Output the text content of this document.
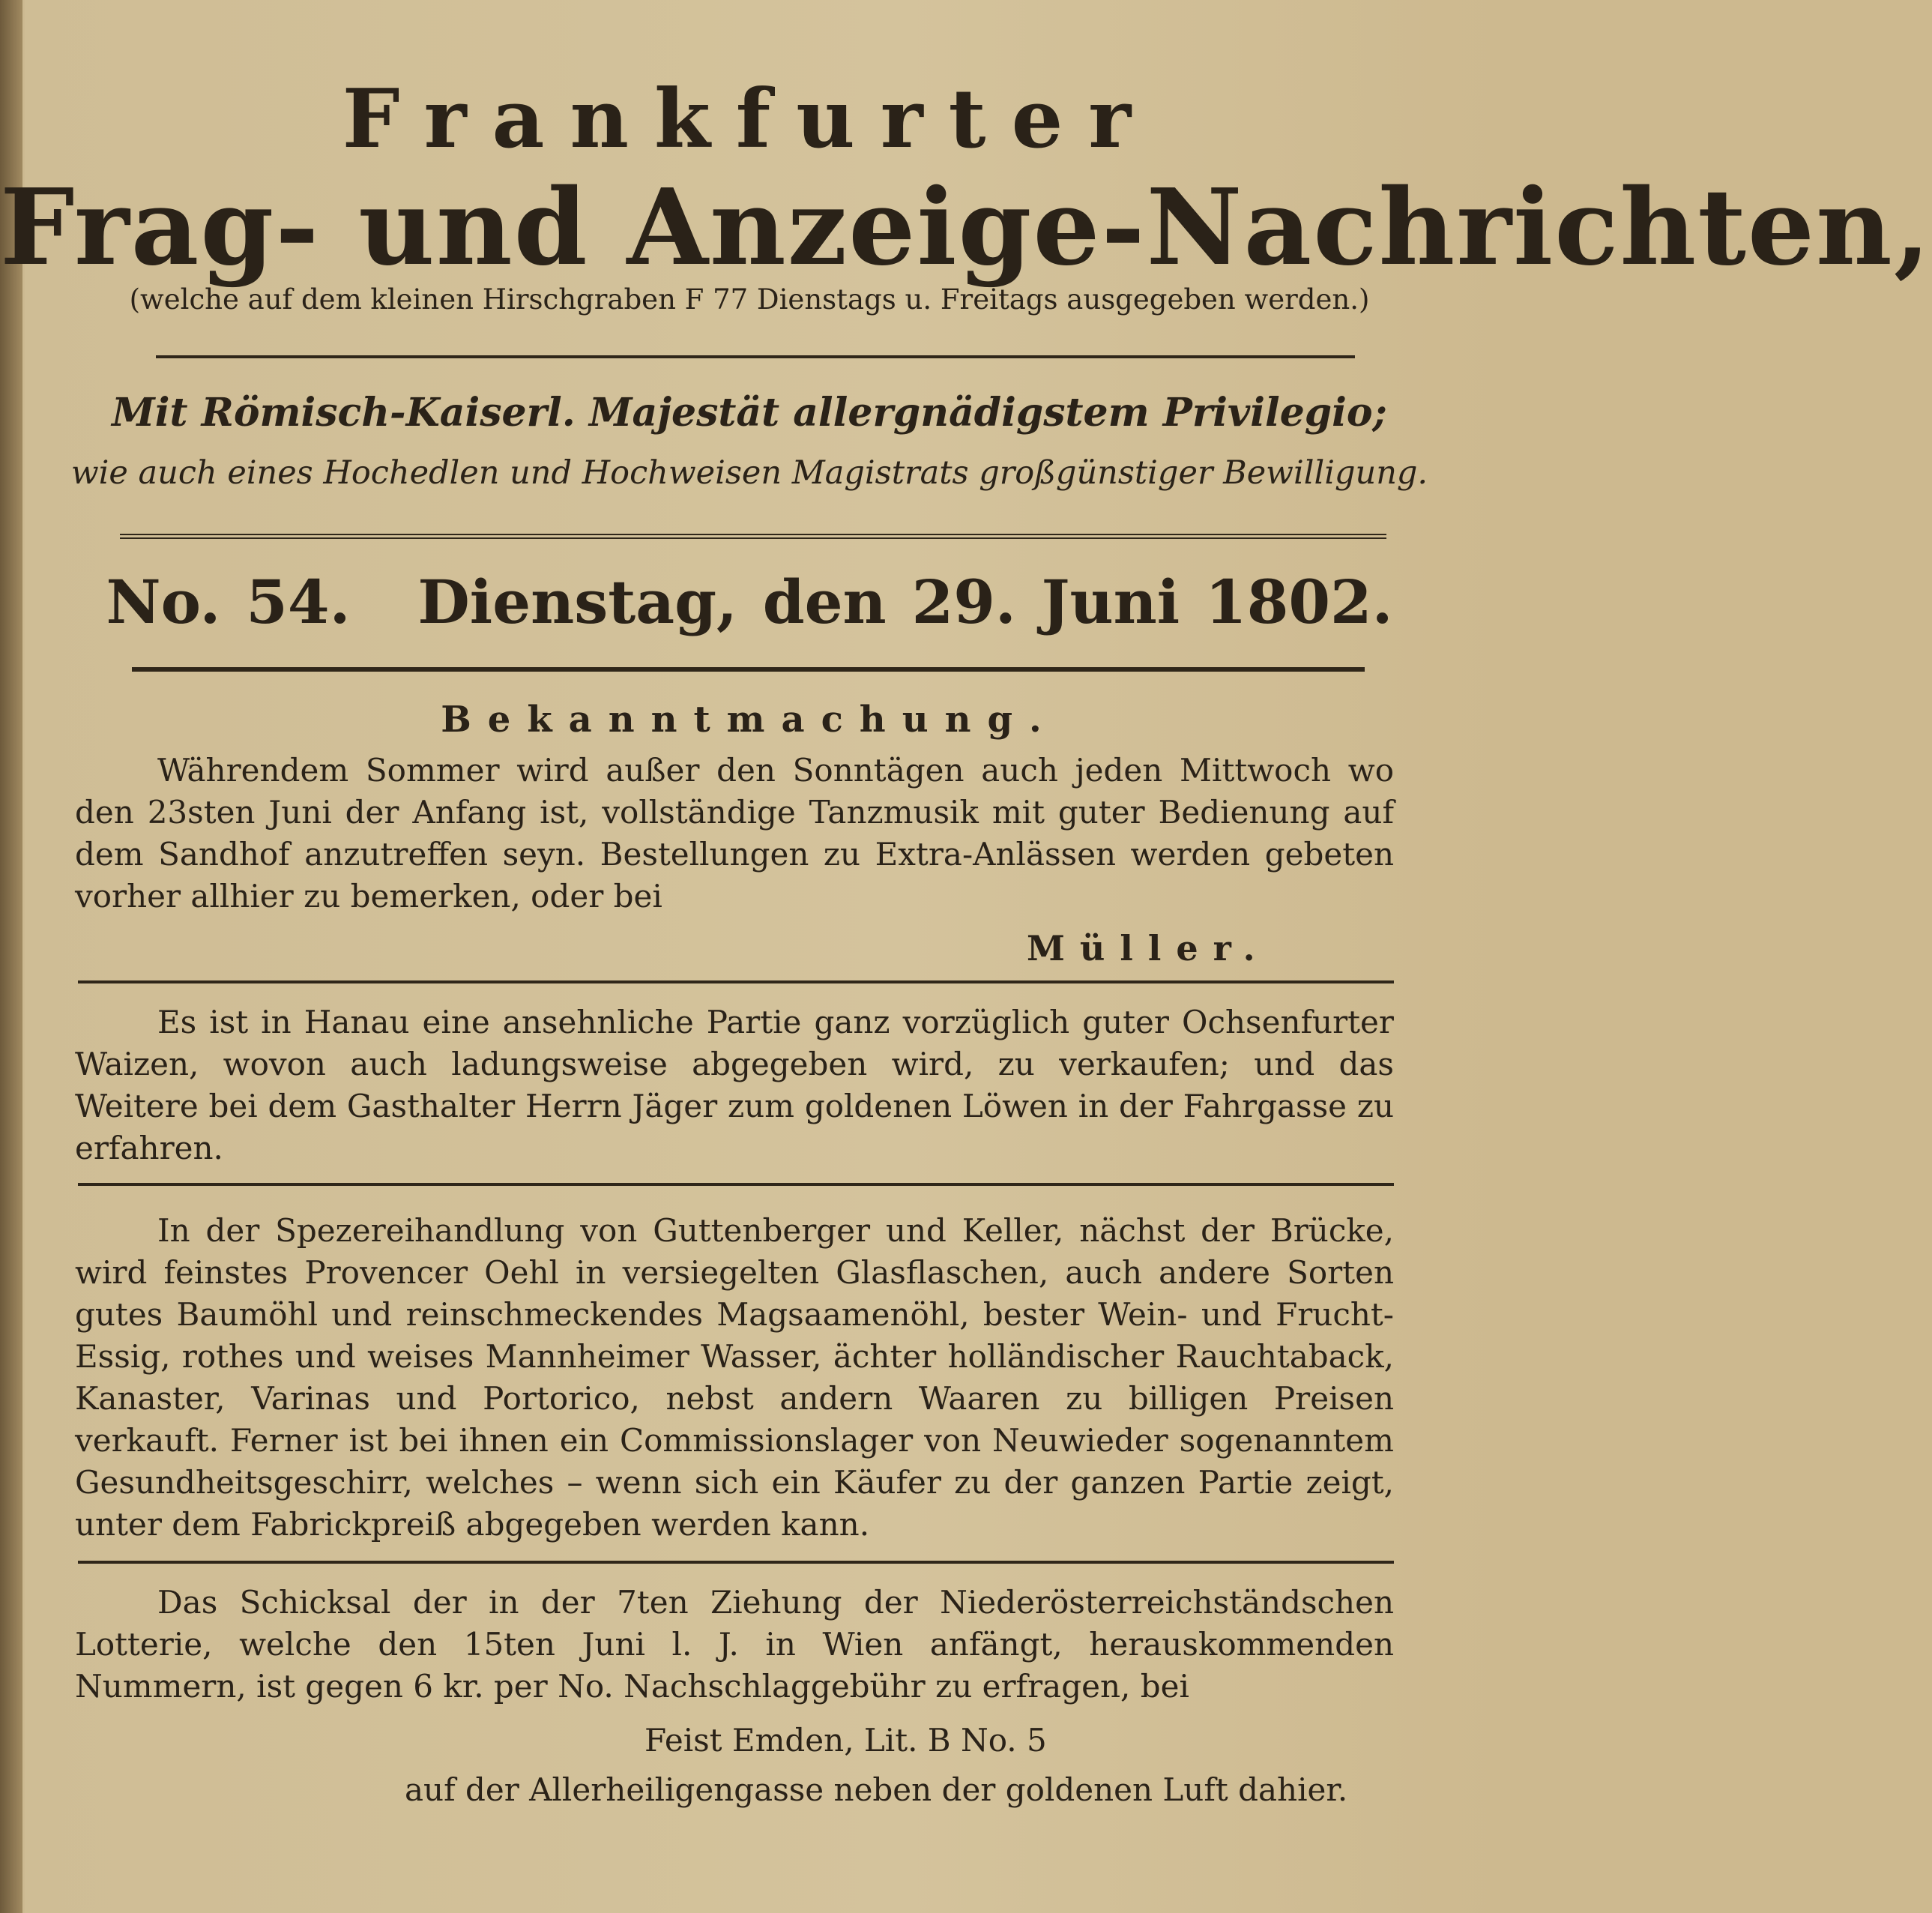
Frankfurter
Frag- und Anzeige-Nachrichten,
(welche auf dem kleinen Hirschgraben F 77 Dienstags u. Freitags ausgegeben werden.)
Mit Römisch-Kaiserl. Majestät allergnädigstem Privilegio;
wie auch eines Hochedlen und Hochweisen Magistrats großgünstiger Bewilligung.
No. 54. Dienstag, den 29. Juni 1802.
Bekanntmachung.

Währendem Sommer wird außer den Sonntägen auch jeden Mittwoch wo den 23sten Juni der Anfang ist, vollständige Tanzmusik mit guter Bedienung auf dem Sandhof anzutreffen seyn. Bestellungen zu Extra-Anlässen werden gebeten vorher allhier zu bemerken, oder bei

Müller.

Es ist in Hanau eine ansehnliche Partie ganz vorzüglich guter Ochsenfurter Waizen, wovon auch ladungsweise abgegeben wird, zu verkaufen; und das Weitere bei dem Gasthalter Herrn Jäger zum goldenen Löwen in der Fahrgasse zu erfahren.

In der Spezereihandlung von Guttenberger und Keller, nächst der Brücke, wird feinstes Provencer Oehl in versiegelten Glasflaschen, auch andere Sorten gutes Baumöhl und reinschmeckendes Magsaamenöhl, bester Wein- und Frucht-Essig, rothes und weises Mannheimer Wasser, ächter holländischer Rauchtaback, Kanaster, Varinas und Portorico, nebst andern Waaren zu billigen Preisen verkauft. Ferner ist bei ihnen ein Commissionslager von Neuwieder sogenanntem Gesundheitsgeschirr, welches – wenn sich ein Käufer zu der ganzen Partie zeigt, unter dem Fabrickpreiß abgegeben werden kann.

Das Schicksal der in der 7ten Ziehung der Niederösterreichständschen Lotterie, welche den 15ten Juni l. J. in Wien anfängt, herauskommenden Nummern, ist gegen 6 kr. per No. Nachschlaggebühr zu erfragen, bei

Feist Emden, Lit. B No. 5
auf der Allerheiligengasse neben der goldenen Luft dahier.
